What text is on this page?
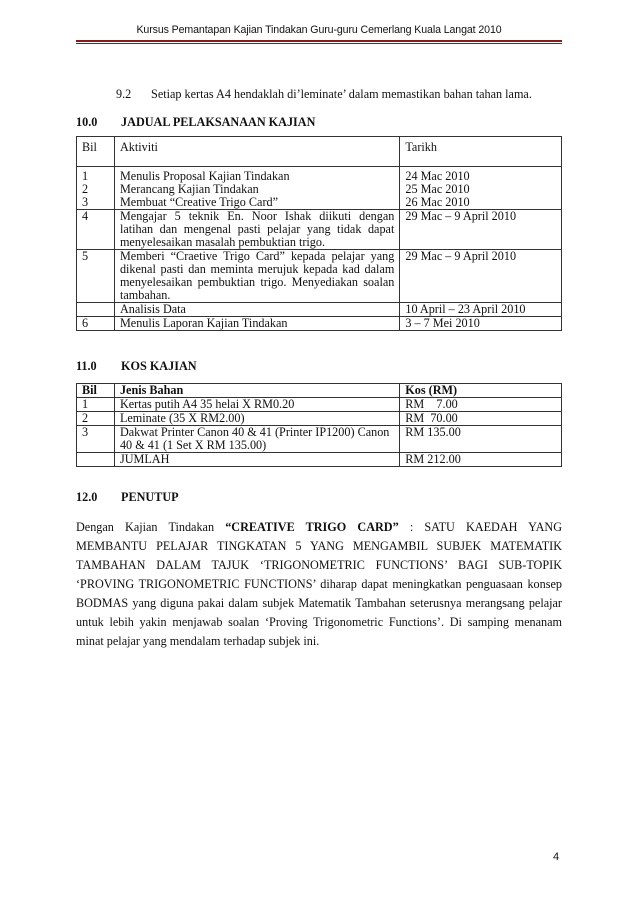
Kursus Pemantapan Kajian Tindakan Guru-guru Cemerlang Kuala Langat 2010
9.2 Setiap kertas A4 hendaklah di’leminate’ dalam memastikan bahan tahan lama.
10.0 JADUAL PELAKSANAAN KAJIAN
Bil	Aktiviti	Tarikh
1	Menulis Proposal Kajian Tindakan	24 Mac 2010
2	Merancang Kajian Tindakan	25 Mac 2010
3	Membuat “Creative Trigo Card”	26 Mac 2010
4	Mengajar 5 teknik En. Noor Ishak diikuti dengan latihan dan mengenal pasti pelajar yang tidak dapat menyelesaikan masalah pembuktian trigo.	29 Mac – 9 April 2010
5	Memberi “Craetive Trigo Card” kepada pelajar yang dikenal pasti dan meminta merujuk kepada kad dalam menyelesaikan pembuktian trigo. Menyediakan soalan tambahan.	29 Mac – 9 April 2010
	Analisis Data	10 April – 23 April 2010
6	Menulis Laporan Kajian Tindakan	3 – 7 Mei 2010
11.0 KOS KAJIAN
Bil	Jenis Bahan	Kos (RM)
1	Kertas putih A4 35 helai X RM0.20	RM    7.00
2	Leminate (35 X RM2.00)	RM  70.00
3	Dakwat Printer Canon 40 & 41 (Printer IP1200) Canon 40 & 41 (1 Set X RM 135.00)	RM 135.00
	JUMLAH	RM 212.00
12.0 PENUTUP
Dengan Kajian Tindakan “CREATIVE TRIGO CARD” : SATU KAEDAH YANG MEMBANTU PELAJAR TINGKATAN 5 YANG MENGAMBIL SUBJEK MATEMATIK TAMBAHAN DALAM TAJUK ‘TRIGONOMETRIC FUNCTIONS’ BAGI SUB-TOPIK ‘PROVING TRIGONOMETRIC FUNCTIONS’ diharap dapat meningkatkan penguasaan konsep BODMAS yang diguna pakai dalam subjek Matematik Tambahan seterusnya merangsang pelajar untuk lebih yakin menjawab soalan ‘Proving Trigonometric Functions’. Di samping menanam minat pelajar yang mendalam terhadap subjek ini.
4
